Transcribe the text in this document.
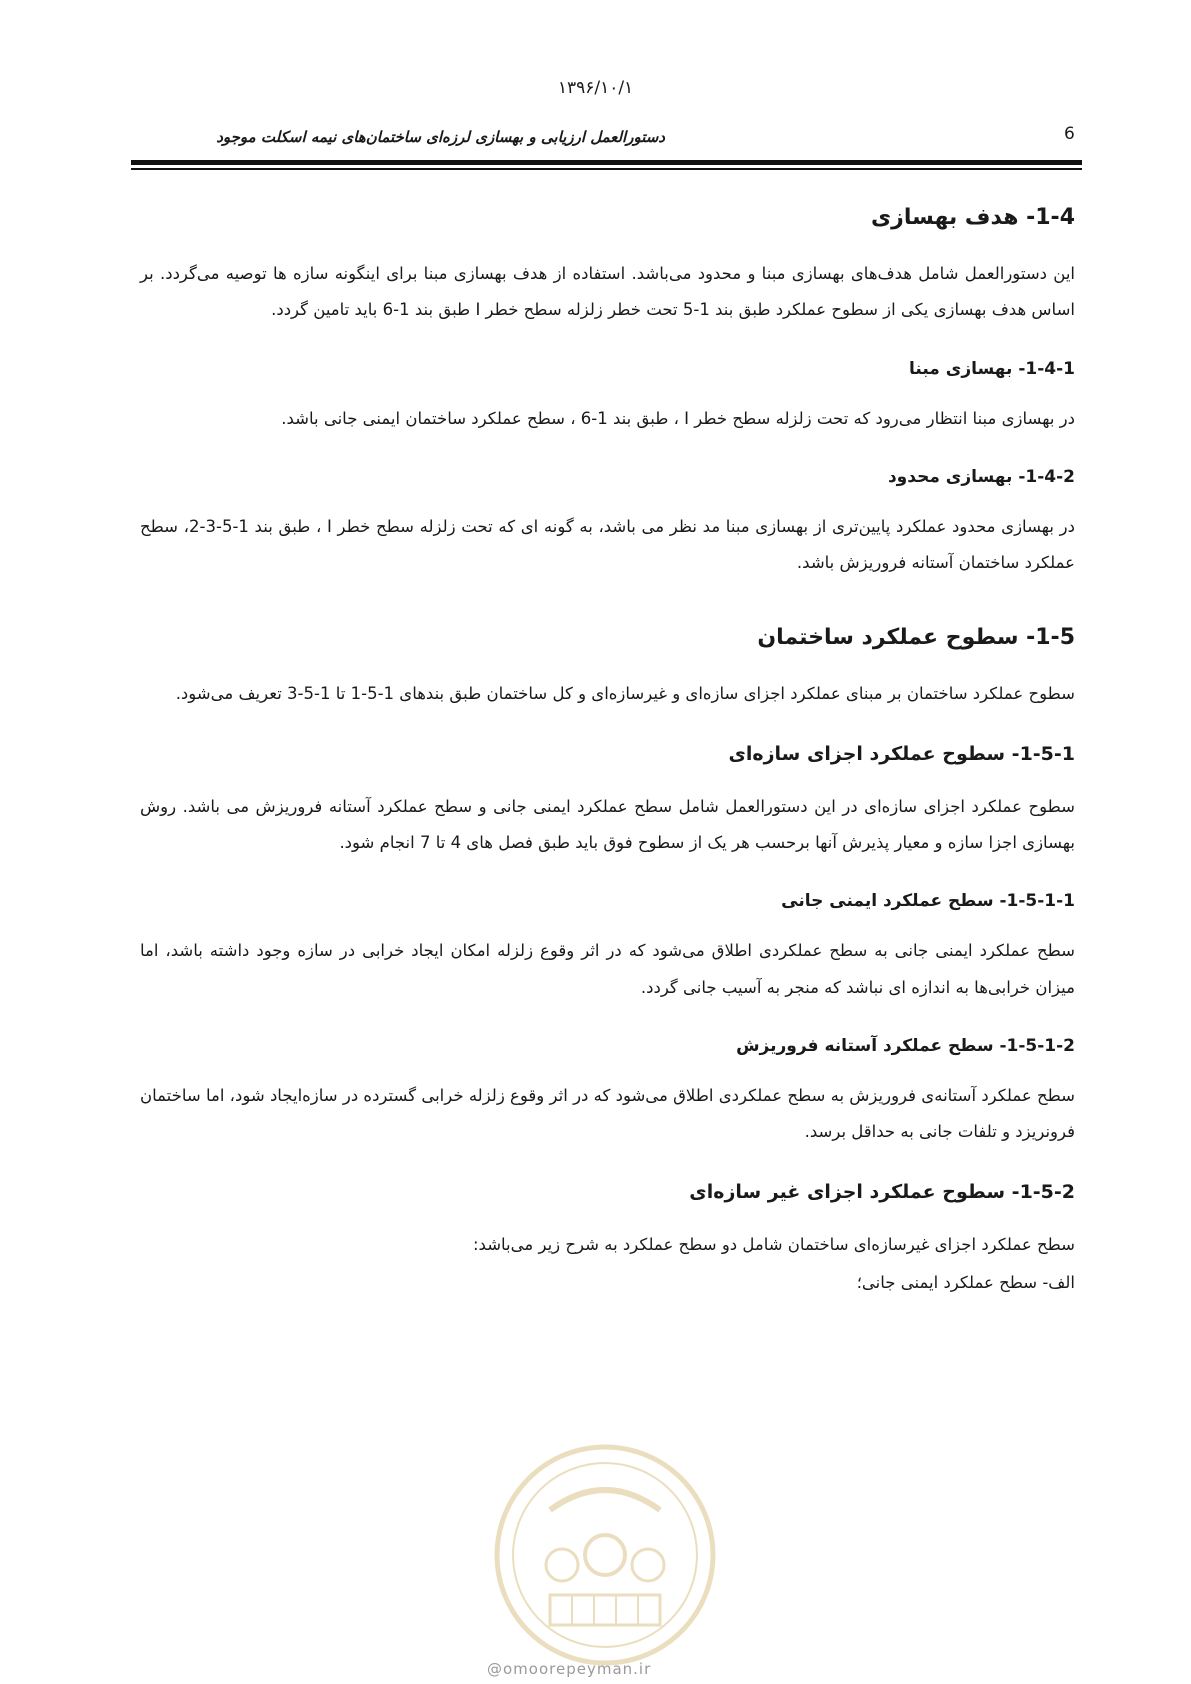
۱۳۹۶/۱۰/۱
دستورالعمل ارزیابی و بهسازی لرزه‌ای ساختمان‌های نیمه اسکلت موجود	6
1-4- هدف بهسازی

این دستورالعمل شامل هدف‌های بهسازی مبنا و محدود می‌باشد. استفاده از هدف بهسازی مبنا برای اینگونه سازه ها توصیه می‌گردد. بر اساس هدف بهسازی یکی از سطوح عملکرد طبق بند 1-5 تحت خطر زلزله سطح خطر I طبق بند 1-6 باید تامین گردد.

1-4-1- بهسازی مبنا

در بهسازی مبنا انتظار می‌رود که تحت زلزله سطح خطر I ، طبق بند 1-6 ، سطح عملکرد ساختمان ایمنی جانی باشد.

1-4-2- بهسازی محدود

در بهسازی محدود عملکرد پایین‌تری از بهسازی مبنا مد نظر می باشد، به گونه ای که تحت زلزله سطح خطر I ، طبق بند 1-5-3-2، سطح عملکرد ساختمان آستانه فروریزش باشد.

1-5- سطوح عملکرد ساختمان

سطوح عملکرد ساختمان بر مبنای عملکرد اجزای سازه‌ای و غیرسازه‌ای و کل ساختمان طبق بندهای 1-5-1 تا 1-5-3 تعریف می‌شود.

1-5-1- سطوح عملکرد اجزای سازه‌ای

سطوح عملکرد اجزای سازه‌ای در این دستورالعمل شامل سطح عملکرد ایمنی جانی و سطح عملکرد آستانه فروریزش می باشد. روش بهسازی اجزا سازه و معیار پذیرش آنها برحسب هر یک از سطوح فوق باید طبق فصل های 4 تا 7 انجام شود.

1-5-1-1- سطح عملکرد ایمنی جانی

سطح عملکرد ایمنی جانی به سطح عملکردی اطلاق می‌شود که در اثر وقوع زلزله امکان ایجاد خرابی در سازه وجود داشته باشد، اما میزان خرابی‌ها به اندازه ای نباشد که منجر به آسیب جانی گردد.

1-5-1-2- سطح عملکرد آستانه فروریزش

سطح عملکرد آستانه‌ی فروریزش به سطح عملکردی اطلاق می‌شود که در اثر وقوع زلزله خرابی گسترده در سازه‌ایجاد شود، اما ساختمان فرونریزد و تلفات جانی به حداقل برسد.

1-5-2- سطوح عملکرد اجزای غیر سازه‌ای

سطح عملکرد اجزای غیرسازه‌ای ساختمان شامل دو سطح عملکرد به شرح زیر می‌باشد:

الف- سطح عملکرد ایمنی جانی؛
@omoorepeyman.ir
